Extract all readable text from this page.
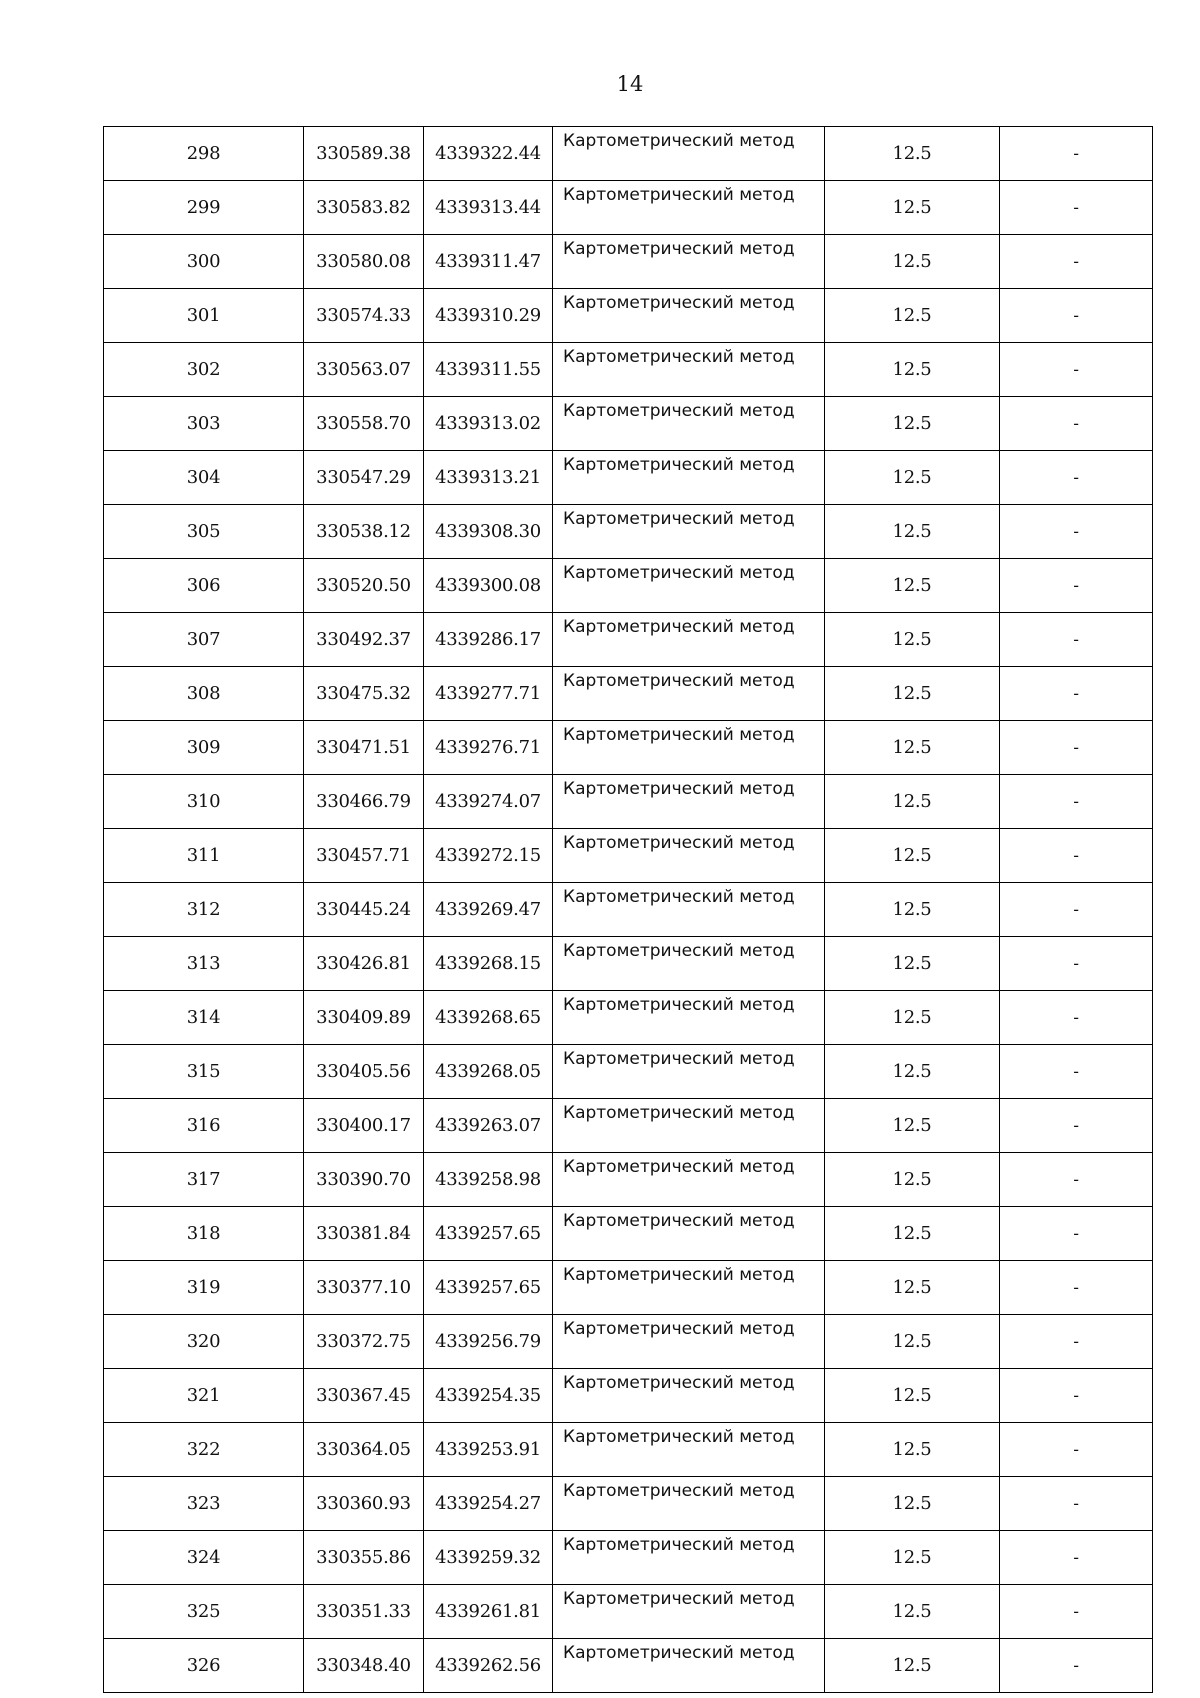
14
298	330589.38	4339322.44	Картометрический метод	12.5	-
299	330583.82	4339313.44	Картометрический метод	12.5	-
300	330580.08	4339311.47	Картометрический метод	12.5	-
301	330574.33	4339310.29	Картометрический метод	12.5	-
302	330563.07	4339311.55	Картометрический метод	12.5	-
303	330558.70	4339313.02	Картометрический метод	12.5	-
304	330547.29	4339313.21	Картометрический метод	12.5	-
305	330538.12	4339308.30	Картометрический метод	12.5	-
306	330520.50	4339300.08	Картометрический метод	12.5	-
307	330492.37	4339286.17	Картометрический метод	12.5	-
308	330475.32	4339277.71	Картометрический метод	12.5	-
309	330471.51	4339276.71	Картометрический метод	12.5	-
310	330466.79	4339274.07	Картометрический метод	12.5	-
311	330457.71	4339272.15	Картометрический метод	12.5	-
312	330445.24	4339269.47	Картометрический метод	12.5	-
313	330426.81	4339268.15	Картометрический метод	12.5	-
314	330409.89	4339268.65	Картометрический метод	12.5	-
315	330405.56	4339268.05	Картометрический метод	12.5	-
316	330400.17	4339263.07	Картометрический метод	12.5	-
317	330390.70	4339258.98	Картометрический метод	12.5	-
318	330381.84	4339257.65	Картометрический метод	12.5	-
319	330377.10	4339257.65	Картометрический метод	12.5	-
320	330372.75	4339256.79	Картометрический метод	12.5	-
321	330367.45	4339254.35	Картометрический метод	12.5	-
322	330364.05	4339253.91	Картометрический метод	12.5	-
323	330360.93	4339254.27	Картометрический метод	12.5	-
324	330355.86	4339259.32	Картометрический метод	12.5	-
325	330351.33	4339261.81	Картометрический метод	12.5	-
326	330348.40	4339262.56	Картометрический метод	12.5	-
